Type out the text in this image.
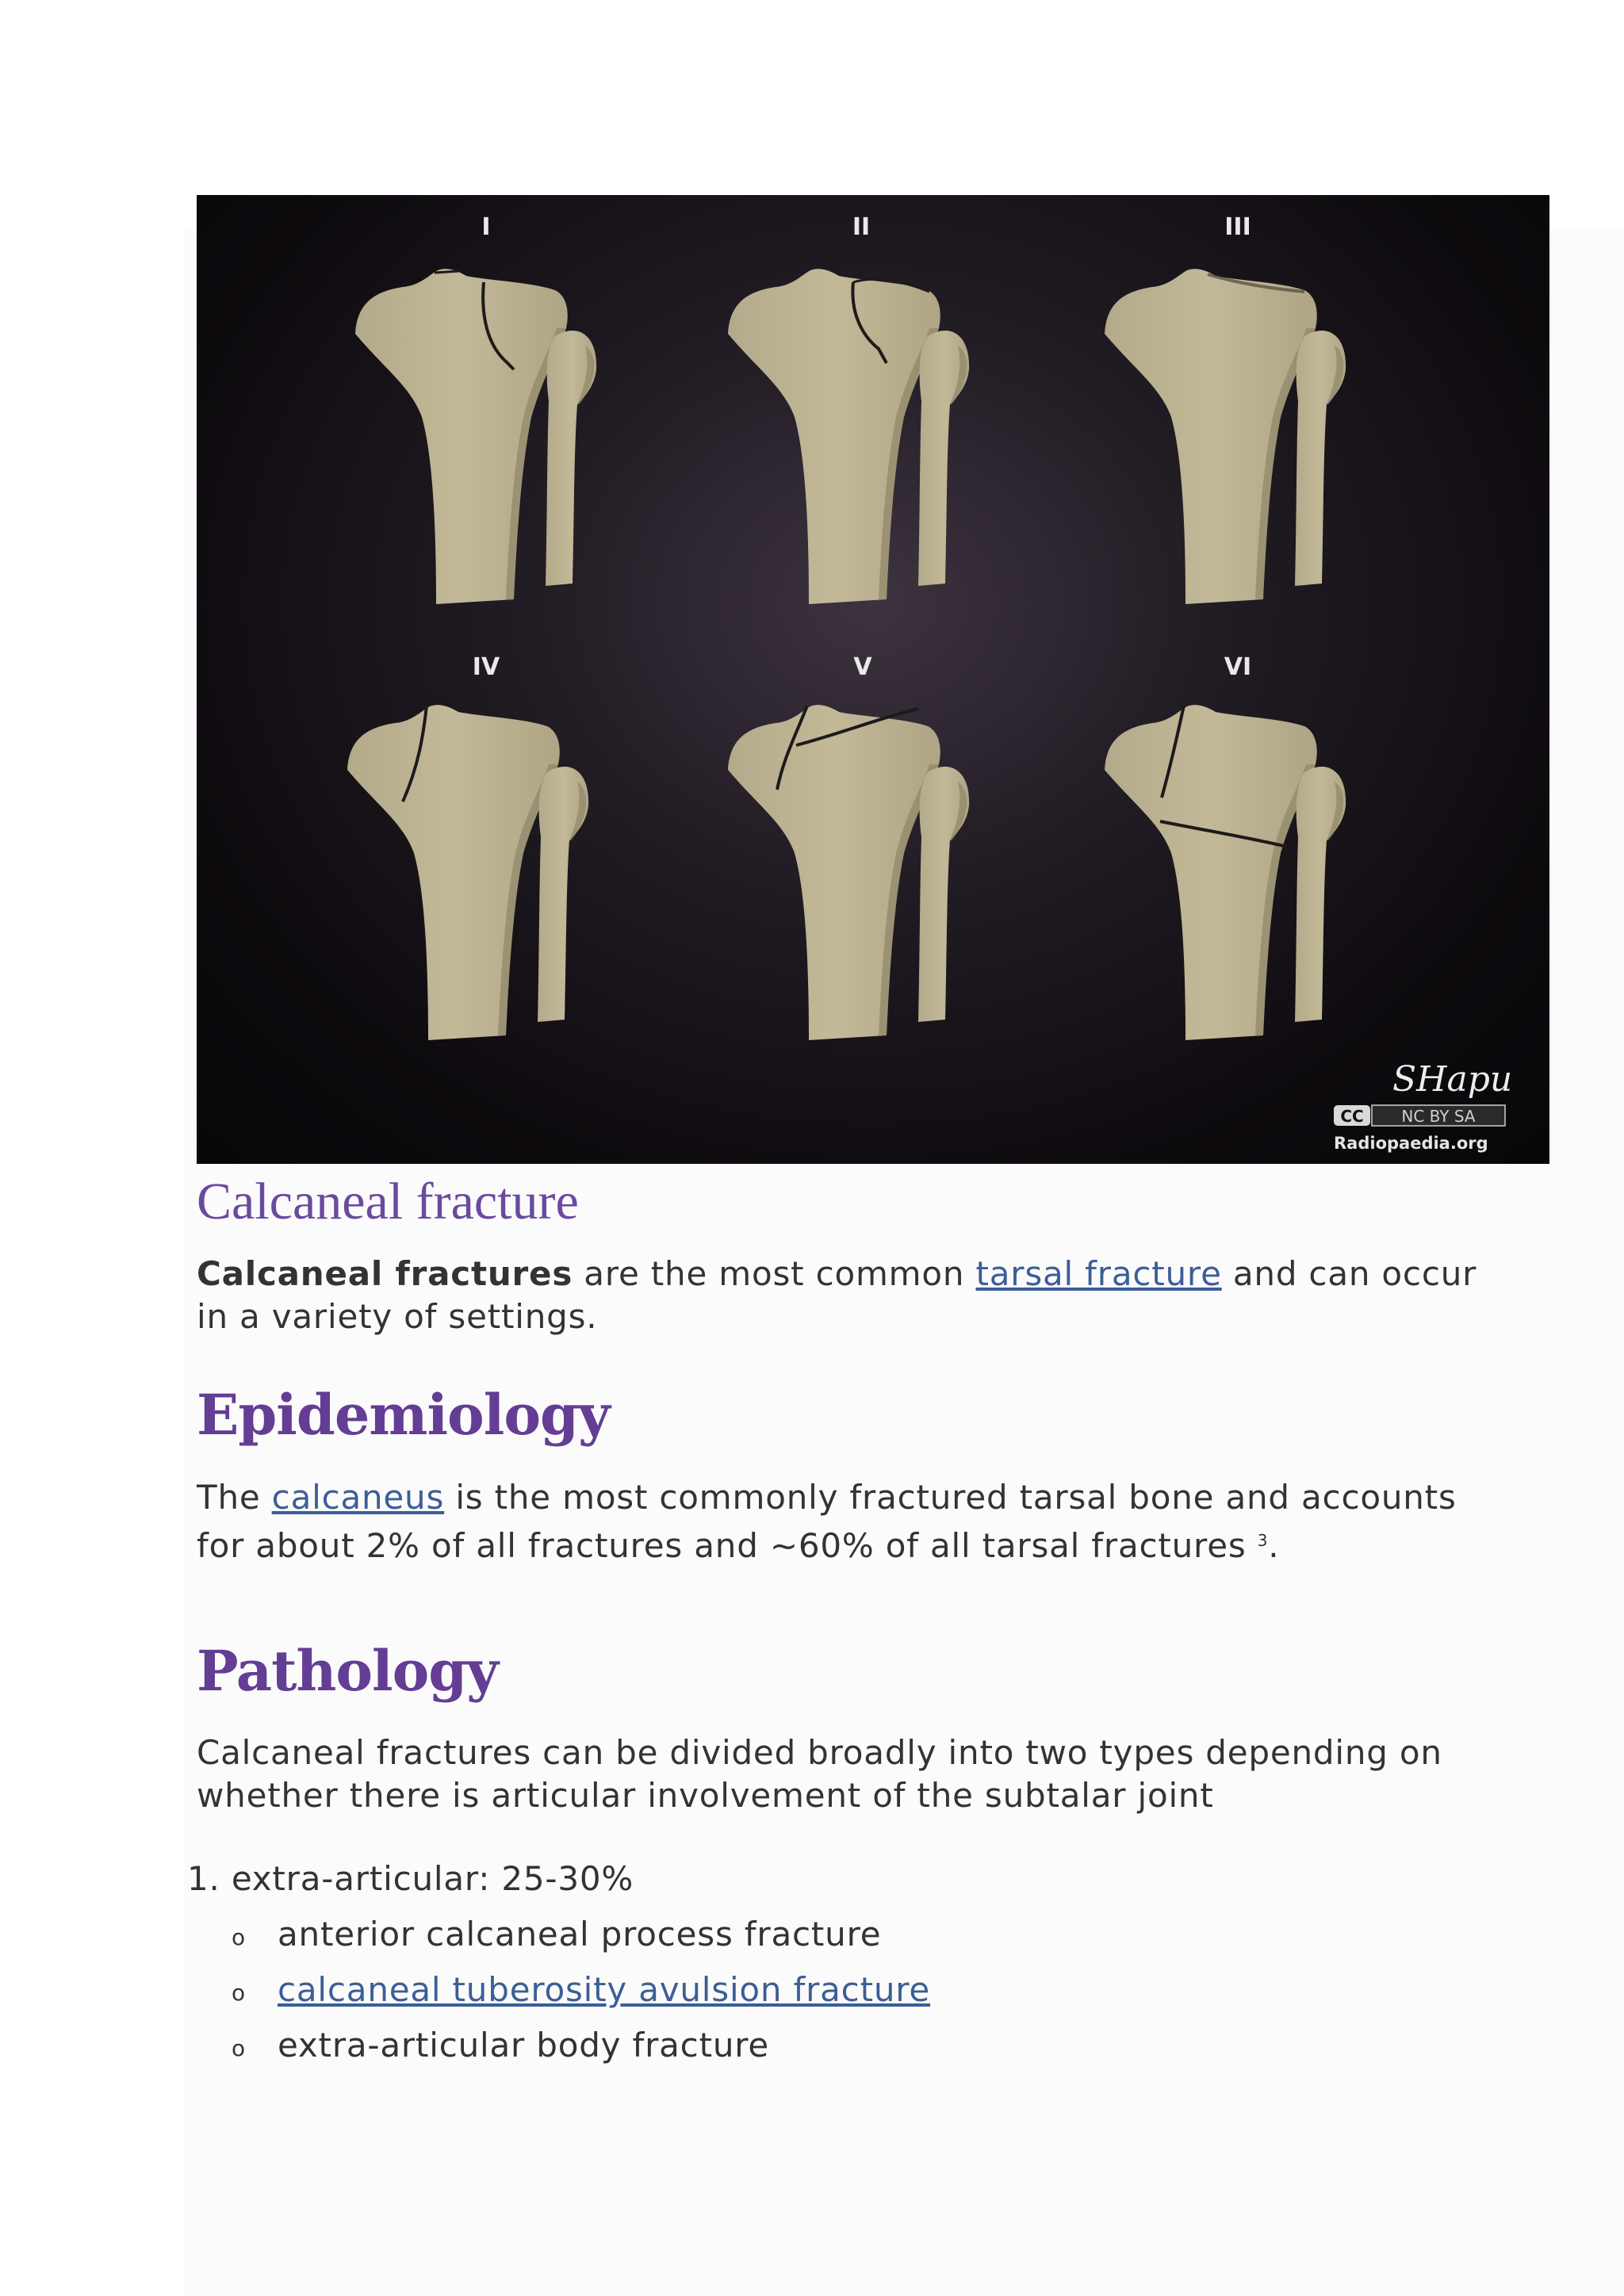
I	II	III
IV	V	VI
SHapu
CC NC BY SA
Radiopaedia.org
Calcaneal fracture

Calcaneal fractures are the most common tarsal fracture and can occur in a variety of settings.

Epidemiology

The calcaneus is the most commonly fractured tarsal bone and accounts for about 2% of all fractures and ~60% of all tarsal fractures $^3$.

Pathology

Calcaneal fractures can be divided broadly into two types depending on whether there is articular involvement of the subtalar joint

1. extra-articular: 25-30%
o anterior calcaneal process fracture
o calcaneal tuberosity avulsion fracture
o extra-articular body fracture
